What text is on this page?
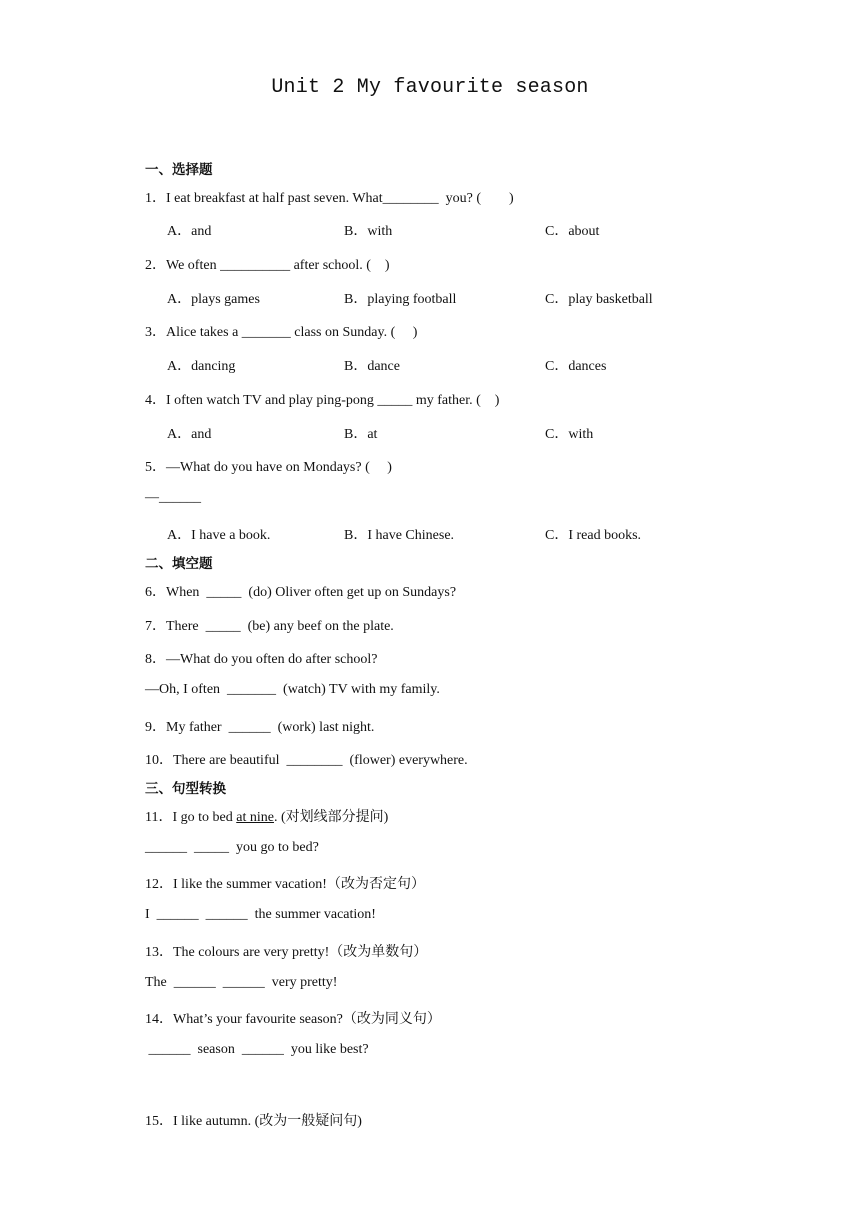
Unit 2 My favourite season
一、选择题
1．I eat breakfast at half past seven. What________  you? (        )
A．and	B．with	C．about
2．We often __________ after school. (    )
A．plays games	B．playing football	C．play basketball
3．Alice takes a _______ class on Sunday. (     )
A．dancing	B．dance	C．dances
4．I often watch TV and play ping-pong _____ my father. (    )
A．and	B．at	C．with
5．—What do you have on Mondays? (     )
—______
A．I have a book.	B．I have Chinese.	C．I read books.
二、填空题
6．When  _____  (do) Oliver often get up on Sundays?
7．There  _____  (be) any beef on the plate.
8．—What do you often do after school?
—Oh, I often  _______  (watch) TV with my family.
9．My father  ______  (work) last night.
10．There are beautiful  ________  (flower) everywhere.
三、句型转换
11．I go to bed at nine. (对划线部分提问)
______  _____  you go to bed?
12．I like the summer vacation!（改为否定句）
I  ______  ______  the summer vacation!
13．The colours are very pretty!（改为单数句）
The  ______  ______  very pretty!
14．What’s your favourite season?（改为同义句）
______  season  ______  you like best?
15．I like autumn. (改为一般疑问句)
